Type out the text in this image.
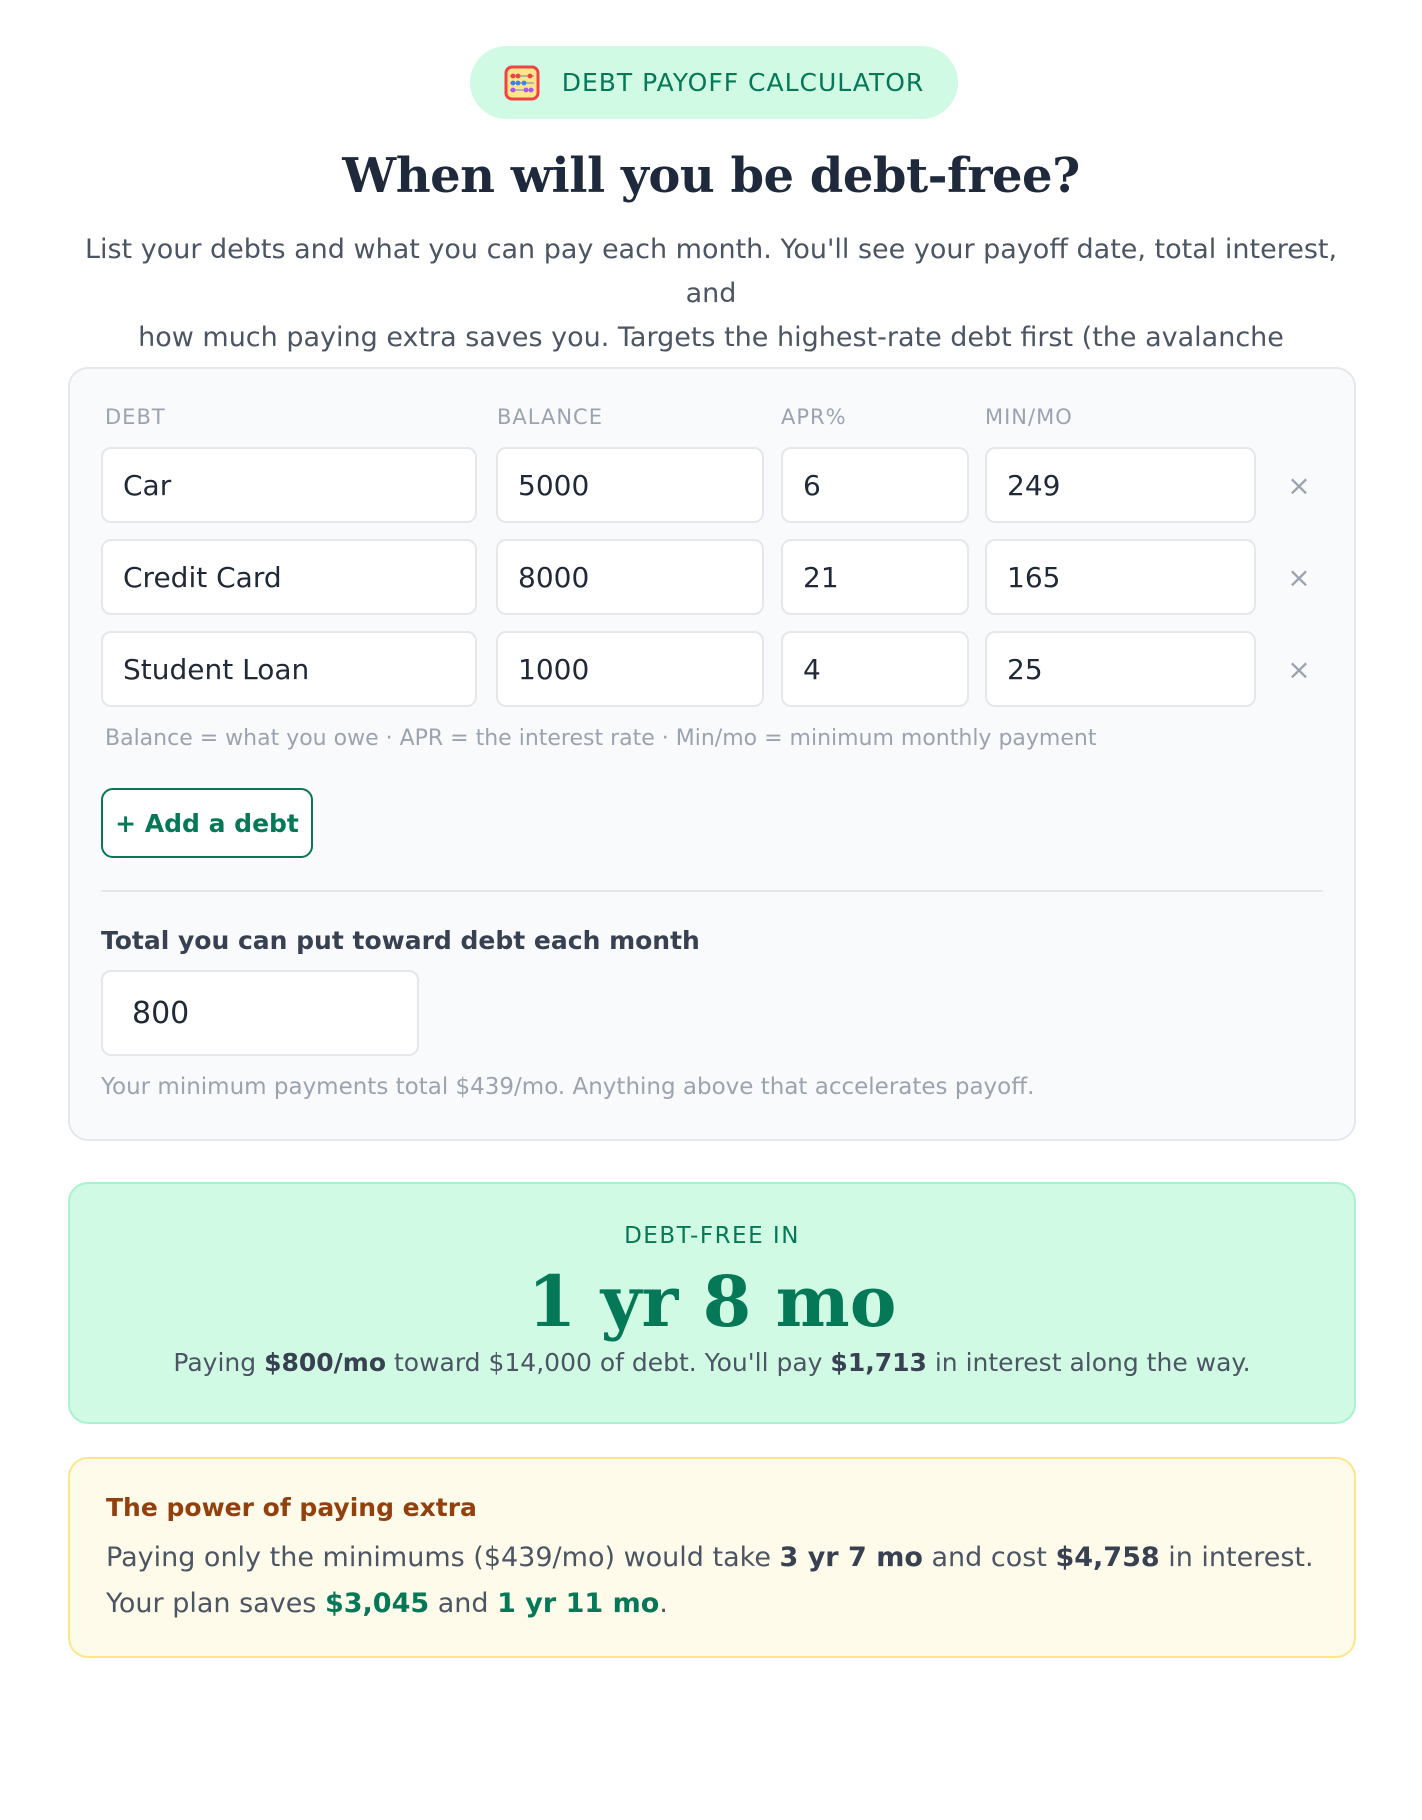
DEBT PAYOFF CALCULATOR
When will you be debt-free?
List your debts and what you can pay each month. You'll see your payoff date, total interest, and
how much paying extra saves you. Targets the highest-rate debt first (the avalanche
DEBT	BALANCE	APR%	MIN/MO
Car	5000	6	249	×
Credit Card	8000	21	165	×
Student Loan	1000	4	25	×
Balance = what you owe · APR = the interest rate · Min/mo = minimum monthly payment
+ Add a debt
Total you can put toward debt each month
800
Your minimum payments total $439/mo. Anything above that accelerates payoff.
DEBT-FREE IN
1 yr 8 mo
Paying $800/mo toward $14,000 of debt. You'll pay $1,713 in interest along the way.
The power of paying extra
Paying only the minimums ($439/mo) would take 3 yr 7 mo and cost $4,758 in interest. Your plan saves $3,045 and 1 yr 11 mo.
